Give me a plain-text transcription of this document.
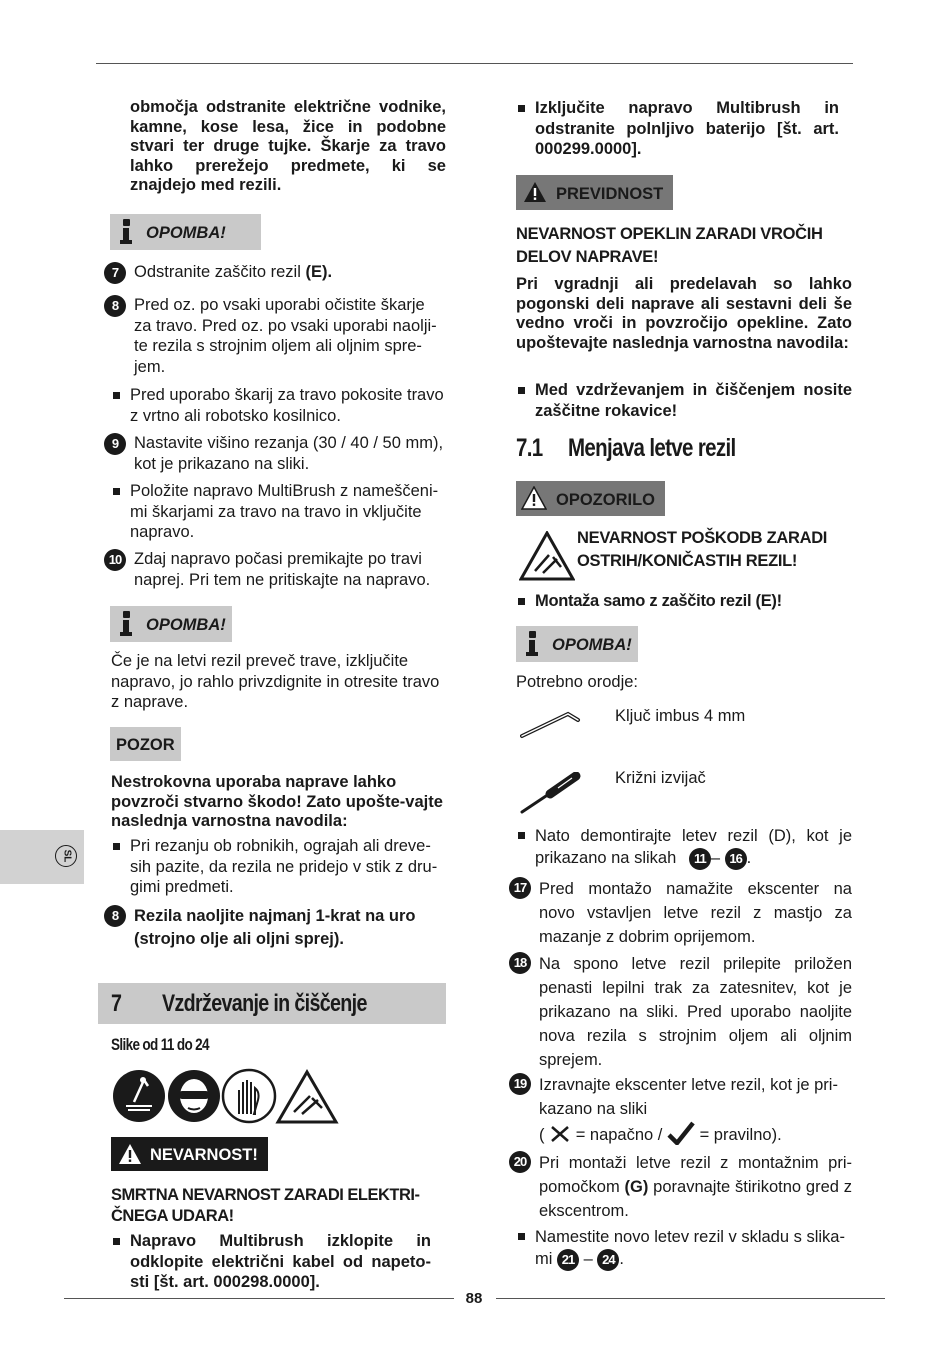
SL
območja odstranite električne vodnike, kamne, kose lesa, žice in podobne stvari ter druge tujke. Škarje za travo lahko prerežejo predmete, ki se znajdejo med rezili.
OPOMBA!
7 Odstranite zaščito rezil (E).
8 Pred oz. po vsaki uporabi očistite škarje za travo. Pred oz. po vsaki uporabi naolji-te rezila s strojnim oljem ali oljnim spre-jem.
Pred uporabo škarij za travo pokosite travo z vrtno ali robotsko kosilnico.
9 Nastavite višino rezanja (30 / 40 / 50 mm), kot je prikazano na sliki.
Položite napravo MultiBrush z nameščeni-mi škarjami za travo na travo in vključite napravo.
10 Zdaj napravo počasi premikajte po travi naprej. Pri tem ne pritiskajte na napravo.
OPOMBA!
Če je na letvi rezil preveč trave, izključite napravo, jo rahlo privzdignite in otresite travo z naprave.
POZOR
Nestrokovna uporaba naprave lahko povzroči stvarno škodo! Zato upošte-vajte naslednja varnostna navodila:
Pri rezanju ob robnikih, ograjah ali dreve-sih pazite, da rezila ne pridejo v stik z dru-gimi predmeti.
8 Rezila naoljite najmanj 1-krat na uro (strojno olje ali oljni sprej).
7 Vzdrževanje in čiščenje
Slike od 11 do 24
NEVARNOST!
SMRTNA NEVARNOST ZARADI ELEKTRI-ČNEGA UDARA!
Napravo Multibrush izklopite in odklopite električni kabel od napeto-sti [št. art. 000298.0000].
Izključite napravo Multibrush in odstranite polnljivo baterijo [št. art. 000299.0000].
PREVIDNOST
NEVARNOST OPEKLIN ZARADI VROČIH DELOV NAPRAVE!
Pri vgradnji ali predelavah so lahko pogonski deli naprave ali sestavni deli še vedno vroči in povzročijo opekline. Zato upoštevajte naslednja varnostna navodila:
Med vzdrževanjem in čiščenjem nosite zaščitne rokavice!
7.1 Menjava letve rezil
OPOZORILO
NEVARNOST POŠKODB ZARADI OSTRIH/KONIČASTIH REZIL!
Montaža samo z zaščito rezil (E)!
OPOMBA!
Potrebno orodje:
Ključ imbus 4 mm
Križni izvijač
Nato demontirajte letev rezil (D), kot je prikazano na slikah 11 – 16 .
17 Pred montažo namažite ekscenter na novo vstavljen letve rezil z mastjo za mazanje z dobrim oprijemom.
18 Na spono letve rezil prilepite priložen penasti lepilni trak za zatesnitev, kot je prikazano na sliki. Pred uporabo naoljite nova rezila s strojnim oljem ali oljnim sprejem.
19 Izravnajte ekscenter letve rezil, kot je pri-kazano na sliki
( = napačno / = pravilno).
20 Pri montaži letve rezil z montažnim pri-pomočkom (G) poravnajte štirikotno gred z ekscentrom.
Namestite novo letev rezil v skladu s slika-mi 21 – 24 .
88
